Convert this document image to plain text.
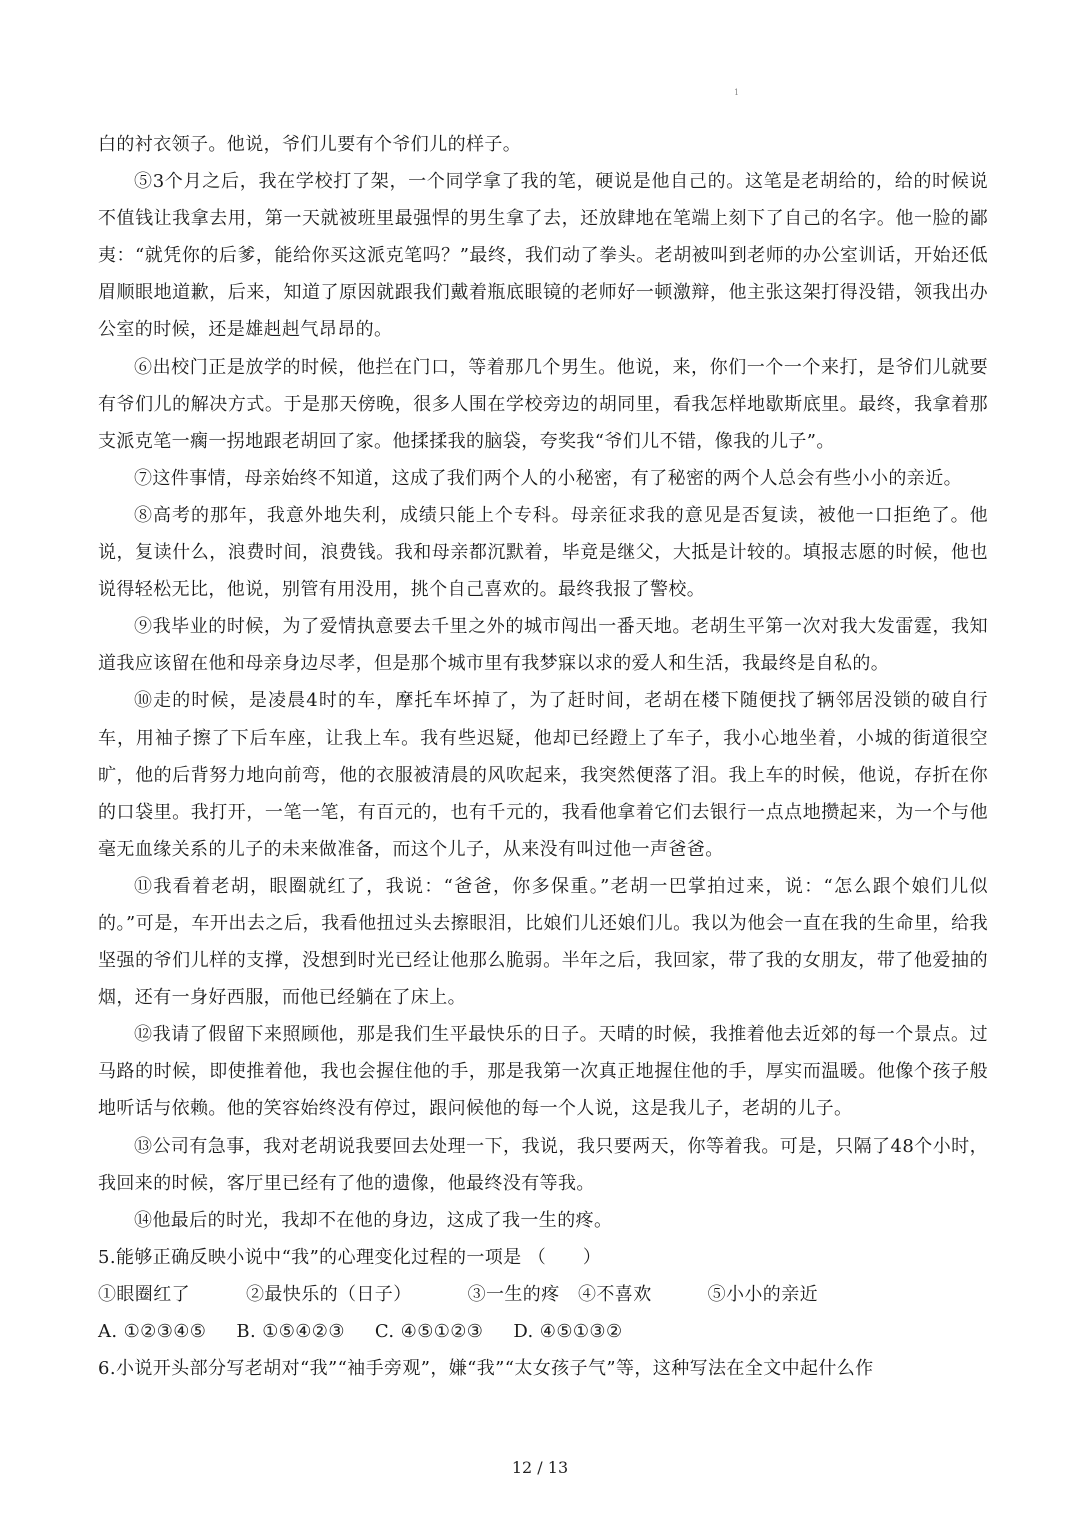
1

白的衬衣领子。他说，爷们儿要有个爷们儿的样子。

⑤3个月之后，我在学校打了架，一个同学拿了我的笔，硬说是他自己的。这笔是老胡给的，给的时候说不值钱让我拿去用，第一天就被班里最强悍的男生拿了去，还放肆地在笔端上刻下了自己的名字。他一脸的鄙夷：“就凭你的后爹，能给你买这派克笔吗？”最终，我们动了拳头。老胡被叫到老师的办公室训话，开始还低眉顺眼地道歉，后来，知道了原因就跟我们戴着瓶底眼镜的老师好一顿激辩，他主张这架打得没错，领我出办公室的时候，还是雄赳赳气昂昂的。

⑥出校门正是放学的时候，他拦在门口，等着那几个男生。他说，来，你们一个一个来打，是爷们儿就要有爷们儿的解决方式。于是那天傍晚，很多人围在学校旁边的胡同里，看我怎样地歇斯底里。最终，我拿着那支派克笔一瘸一拐地跟老胡回了家。他揉揉我的脑袋，夸奖我“爷们儿不错，像我的儿子”。

⑦这件事情，母亲始终不知道，这成了我们两个人的小秘密，有了秘密的两个人总会有些小小的亲近。

⑧高考的那年，我意外地失利，成绩只能上个专科。母亲征求我的意见是否复读，被他一口拒绝了。他说，复读什么，浪费时间，浪费钱。我和母亲都沉默着，毕竟是继父，大抵是计较的。填报志愿的时候，他也说得轻松无比，他说，别管有用没用，挑个自己喜欢的。最终我报了警校。

⑨我毕业的时候，为了爱情执意要去千里之外的城市闯出一番天地。老胡生平第一次对我大发雷霆，我知道我应该留在他和母亲身边尽孝，但是那个城市里有我梦寐以求的爱人和生活，我最终是自私的。

⑩走的时候，是凌晨4时的车，摩托车坏掉了，为了赶时间，老胡在楼下随便找了辆邻居没锁的破自行车，用袖子擦了下后车座，让我上车。我有些迟疑，他却已经蹬上了车子，我小心地坐着，小城的街道很空旷，他的后背努力地向前弯，他的衣服被清晨的风吹起来，我突然便落了泪。我上车的时候，他说，存折在你的口袋里。我打开，一笔一笔，有百元的，也有千元的，我看他拿着它们去银行一点点地攒起来，为一个与他毫无血缘关系的儿子的未来做准备，而这个儿子，从来没有叫过他一声爸爸。

⑪我看着老胡，眼圈就红了，我说：“爸爸，你多保重。”老胡一巴掌拍过来，说：“怎么跟个娘们儿似的。”可是，车开出去之后，我看他扭过头去擦眼泪，比娘们儿还娘们儿。我以为他会一直在我的生命里，给我坚强的爷们儿样的支撑，没想到时光已经让他那么脆弱。半年之后，我回家，带了我的女朋友，带了他爱抽的烟，还有一身好西服，而他已经躺在了床上。

⑫我请了假留下来照顾他，那是我们生平最快乐的日子。天晴的时候，我推着他去近郊的每一个景点。过马路的时候，即使推着他，我也会握住他的手，那是我第一次真正地握住他的手，厚实而温暖。他像个孩子般地听话与依赖。他的笑容始终没有停过，跟问候他的每一个人说，这是我儿子，老胡的儿子。

⑬公司有急事，我对老胡说我要回去处理一下，我说，我只要两天，你等着我。可是，只隔了48个小时，我回来的时候，客厅里已经有了他的遗像，他最终没有等我。

⑭他最后的时光，我却不在他的身边，这成了我一生的疼。

5.能够正确反映小说中“我”的心理变化过程的一项是 （　　）

①眼圈红了	②最快乐的（日子）	③一生的疼　④不喜欢	⑤小小的亲近
A. ①②③④⑤ B. ①⑤④②③ C. ④⑤①②③ D. ④⑤①③②

6.小说开头部分写老胡对“我”“袖手旁观”，嫌“我”“太女孩子气”等，这种写法在全文中起什么作

12 / 13
